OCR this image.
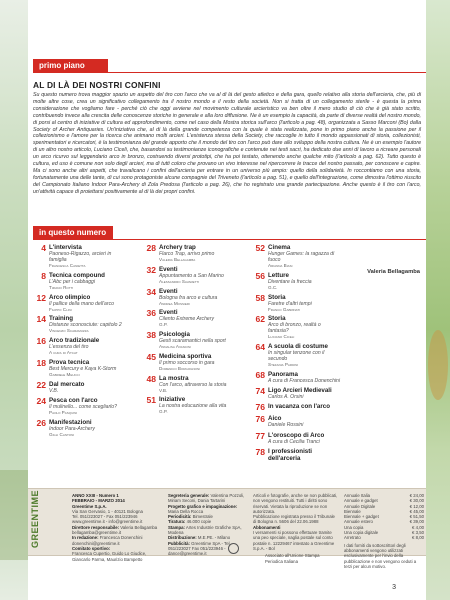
primo piano
AL DI LÀ DEI NOSTRI CONFINI

Su questo numero trova maggior spazio un aspetto del tiro con l'arco che va al di là del gesto atletico e della gara, quello relativo alla storia dell'arcieria, che, più di molte altre cose, crea un significativo collegamento tra il nostro mondo e il resto della società. Non si tratta di un collegamento sterile - è questa la prima considerazione che vogliamo fare - perché ciò che oggi avviene nel movimento culturale arcieristico va ben oltre il mero studio di ciò che è già stato scritto, contribuendo invece alla crescita delle conoscenze storiche in generale e alla loro diffusione. Ne è un esempio la capacità, da parte di diverse realtà del nostro mondo, di porsi al centro di iniziative di cultura ed approfondimento, come nel caso della Mostra storica sull'arco (l'articolo a pag. 48), organizzata a Sasso Marconi (Bo) dalla Society of Archer Antiquaries. Un'iniziativa che, al di là della grande competenza con la quale è stata realizzata, pone in primo piano anche la passione per il collezionismo e l'amore per la ricerca che animano molti arcieri. L'esistenza stessa della Society, che raccoglie in tutto il mondo appassionati di storia, collezionisti, sperimentatori e ricercatori, è la testimonianza del grande apporto che il mondo del tiro con l'arco può dare allo sviluppo della nostra cultura. Ne è un esempio l'autore di un altro nostro articolo, Luciano Ciceli, che, basandosi su testimonianze iconografiche e contenute nei testi sacri, ha dedicato due anni di lavoro a ricreare personali un arco ricurvo sul leggendario arco in bronzo, costruendo diversi prototipi, che ha poi testato, ottenendo anche qualche mito (l'articolo a pag. 62). Tutto questo è cultura, ed uso è comune non solo degli arcieri, ma di tutti coloro che provano un vivo interesse nel ripercorrere le tracce del nostro passato, per conoscere e capire. Ma ci sono anche altri aspetti, che travalicano i confini dell'arcieria per entrare in un universo più ampio: quello della solidarietà. In roccontiamo con una storia, fortunatamente una delle tante, di cui sono protagoniste alcune compagnie del Triveneto (l'articolo a pag. 51), e quello dell'integrazione, come dimostra l'ottimo riuscito del Campionato Italiano Indoor Para-Archery di Zola Predosa (l'articolo a pag. 26), che ho registrato una grande partecipazione. Anche questo è il tiro con l'arco, un'attività capace di proiettarsi positivamente al di là dei propri confini.

Valeria Bellagamba
in questo numero
4 L'intervista
Paoneso-Rigazzo, arcieri in famiglia
Francesca Canietta
8 Tecnica compound
L'Abc per i cabbaggi
Tiziano Rotti
12 Arco olimpico
Il pallice della mano dell'arco
Filippo Clini
14 Training
Distanze sconosciute: capitolo 2
Vincenzo Scaramuzza
16 Arco tradizionale
L'essenza del tiro
A cura di Atcat
18 Prova tecnica
Best Mercury e Kaya K-Storm
Gabriele Meucci
22 Dal mercato
V.B.
24 Pesca con l'arco
Il mulinello... come scegliarlo?
Paolo Pasquini
26 Manifestazioni
Indoor Para-Archery
Gigli Cantoni
28 Archery trap
Flarco Trap, arrivo primo
Valeria Bellagamba
32 Eventi
Appuntamento a San Marino
Alessandro Savaretti
34 Eventi
Bologna fra arco e cultura
Andrea Mossieri
36 Eventi
Cilento Extreme Archery
G.P.
38 Psicologia
Gesti scaramantici nella sport
Annalisa Avancini
45 Medicina sportiva
Il primo soccorso in gara
Domenico Borgognoni
48 La mostra
Con l'arco, attraverso la storia
V.B.
51 Iniziative
La nostra educazione alla vita
G.P.
52 Cinema
Hunger Games: la ragazza di fuoco
Arianna Biasi
56 Letture
Diventare la freccia
G.C.
58 Storia
Faretre d'altri tempi
Franco Gabrinati
62 Storia
Arco di bronzo, realtà o fantasia?
Luciano Ciceli
64 A scuola di costume
In singular tenzone con il secundo
Stefania Pardini
68 Panorama
A cura di Francesca Donenchini
74 Ligo Arcieri Medievali
Carlos A. Orsini
76 In vacanza con l'arco
76 Aico
Daniele Rossini
77 L'oroscopo di Arco
A cura di Cecilia Tranci
78 I professionisti dell'arceria
3
ANNO XXIII - Numero 1
FEBBRAIO - MARZO 2014
Greentime S.p.A.
Via San Gervasio, 1 - 40121 Bologna
Tel. 051/223027 - Fax 051/223946
www.greentime.it - info@greentime.it
Direttore responsabile: Valeria Bellagamba
bellagamba@greentime.it
In redazione: Francesca Donenchini
donenchini@greentime.it
Comitato sportivo:
Francesca Cupertio, Guido Lo Giudice, Giancarlo Parma, Maurizio Bampetto
Segreteria generale: Valentina Pozzoli, Miriam Seconi, Dania Tartarini
Progetto grafico e impaginazione: Maria Della Rocca
Periodicità: Bimestrale
Tiratura: 46.000 copie
Stampa: Artes Industrie Grafiche SpA, Modena
Distribuzione: M.E.PE. - Milano
Pubblicità: Greentime SpA - Tel. 051/223027 Fax 051/223946 - dance@greentime.it
Articoli e fotografie, anche se non pubblicati, non vengono restituiti. Tutti i diritti sono riservati. Vietata la riproduzione se non autorizzata.
Pubblicazione registrata presso il Tribunale di Bologna n. 5606 del 22.06.1988
Abbonamenti
I versamenti si possono effettuare tramite una peo speciale, naglia postale sul conto postale n. 12229467 intestato a Greentime S.p.A. - Bol
Associato all'Unione Stampa Periodica Italiana
Annuale Italia	€ 24,00
Annuale e gadget	€ 30,00
Annuale Digitale	€ 12,00
Biennale	€ 45,00
Biennale + gadget	€ 51,50
Annuale estero	€ 39,00
Una copia	€ 4,00
Una copia digitale	€ 3,50
Arretrato	€ 8,00
I dati forniti da sottoscrittori degli abbonamenti vengono utilizzati esclusivamente per l'invio della pubblicazione e non vengono ceduti a terzi per alcun motivo.
GREENTIME
